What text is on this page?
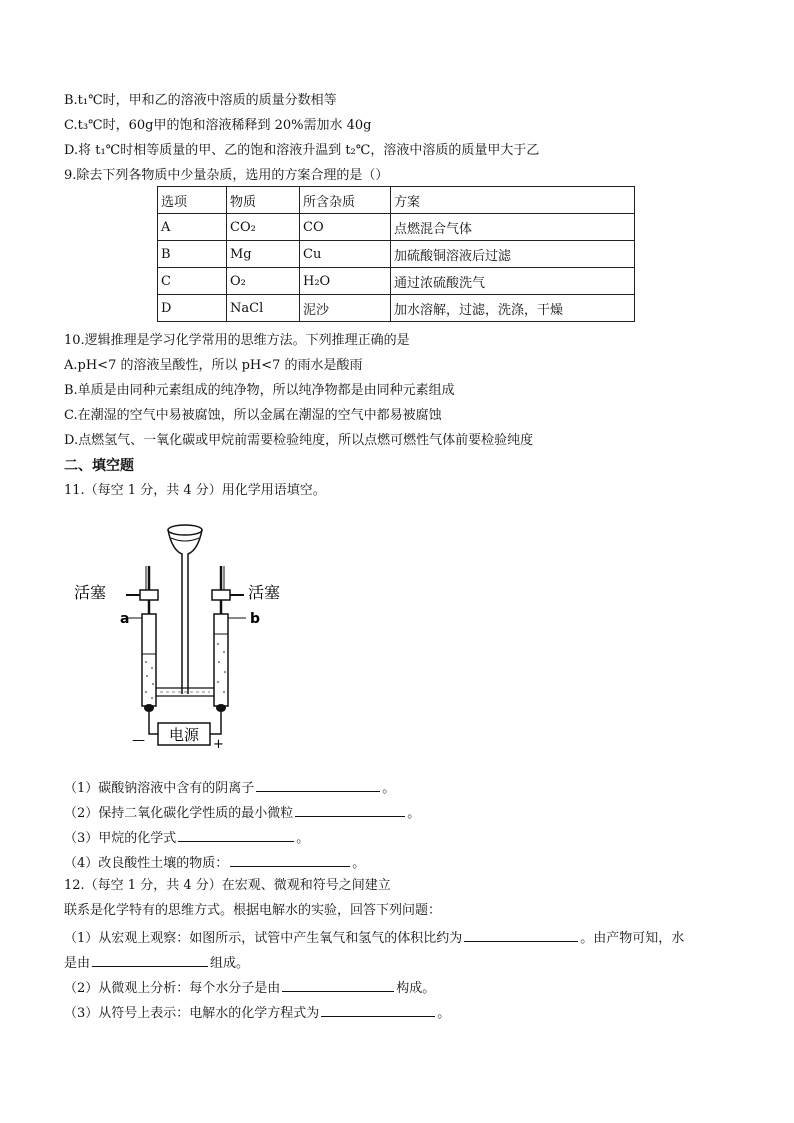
B.t₁℃时，甲和乙的溶液中溶质的质量分数相等
C.t₃℃时，60g甲的饱和溶液稀释到 20%需加水 40g
D.将 t₁℃时相等质量的甲、乙的饱和溶液升温到 t₂℃，溶液中溶质的质量甲大于乙
9.除去下列各物质中少量杂质，选用的方案合理的是（）
选项	物质	所含杂质	方案
A	CO₂	CO	点燃混合气体
B	Mg	Cu	加硫酸铜溶液后过滤
C	O₂	H₂O	通过浓硫酸洗气
D	NaCl	泥沙	加水溶解，过滤，洗涤，干燥
10.逻辑推理是学习化学常用的思维方法。下列推理正确的是
A.pH<7 的溶液呈酸性，所以 pH<7 的雨水是酸雨
B.单质是由同种元素组成的纯净物，所以纯净物都是由同种元素组成
C.在潮湿的空气中易被腐蚀，所以金属在潮湿的空气中都易被腐蚀
D.点燃氢气、一氧化碳或甲烷前需要检验纯度，所以点燃可燃性气体前要检验纯度
二、填空题
11.（每空 1 分，共 4 分）用化学用语填空。
电源
—	+
活塞	活塞
a	b
（1）碳酸钠溶液中含有的阴离子	。
（2）保持二氧化碳化学性质的最小微粒	。
（3）甲烷的化学式	。
（4）改良酸性土壤的物质：	。
12.（每空 1 分，共 4 分）在宏观、微观和符号之间建立
联系是化学特有的思维方式。根据电解水的实验，回答下列问题：
（1）从宏观上观察：如图所示，试管中产生氧气和氢气的体积比约为	。由产物可知，水
是由	组成。
（2）从微观上分析：每个水分子是由	构成。
（3）从符号上表示：电解水的化学方程式为	。
